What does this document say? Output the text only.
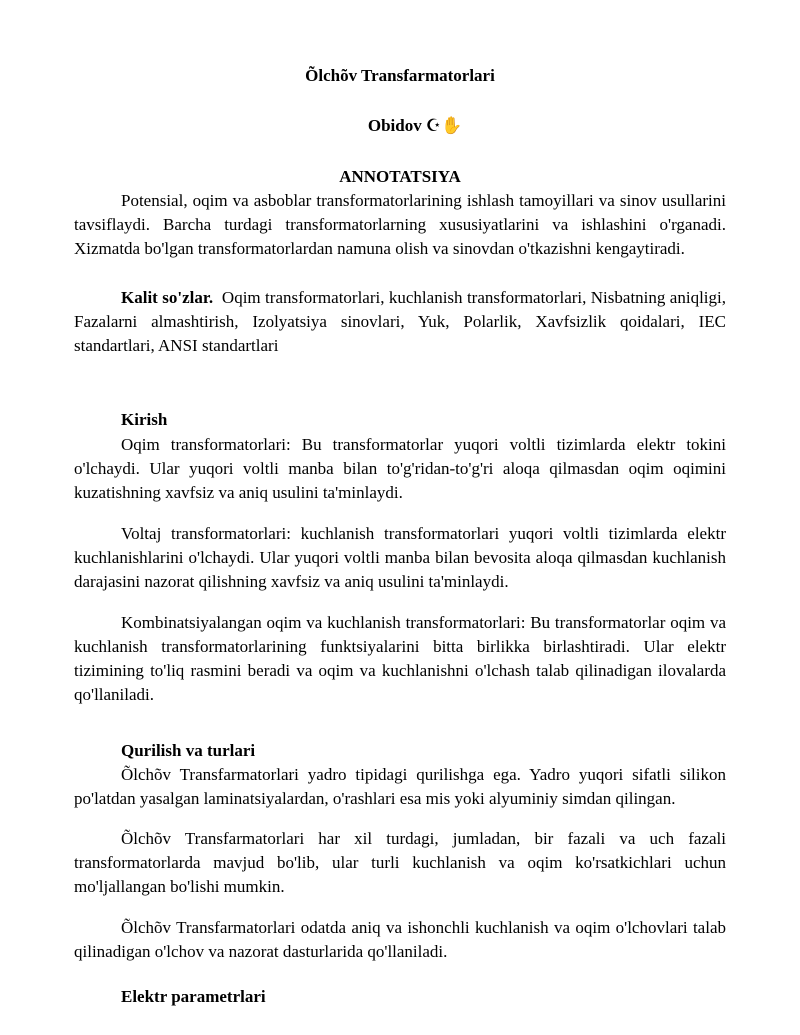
Õlchõv Transfarmatorlari
Obidov ☪✋
ANNOTATSIYA

Potensial, oqim va asboblar transformatorlarining ishlash tamoyillari va sinov usullarini tavsiflaydi. Barcha turdagi transformatorlarning xususiyatlarini va ishlashini o'rganadi. Xizmatda bo'lgan transformatorlardan namuna olish va sinovdan o'tkazishni kengaytiradi.

Kalit so'zlar. Oqim transformatorlari, kuchlanish transformatorlari, Nisbatning aniqligi, Fazalarni almashtirish, Izolyatsiya sinovlari, Yuk, Polarlik, Xavfsizlik qoidalari, IEC standartlari, ANSI standartlari

Kirish

Oqim transformatorlari: Bu transformatorlar yuqori voltli tizimlarda elektr tokini o'lchaydi. Ular yuqori voltli manba bilan to'g'ridan-to'g'ri aloqa qilmasdan oqim oqimini kuzatishning xavfsiz va aniq usulini ta'minlaydi.

Voltaj transformatorlari: kuchlanish transformatorlari yuqori voltli tizimlarda elektr kuchlanishlarini o'lchaydi. Ular yuqori voltli manba bilan bevosita aloqa qilmasdan kuchlanish darajasini nazorat qilishning xavfsiz va aniq usulini ta'minlaydi.

Kombinatsiyalangan oqim va kuchlanish transformatorlari: Bu transformatorlar oqim va kuchlanish transformatorlarining funktsiyalarini bitta birlikka birlashtiradi. Ular elektr tizimining to'liq rasmini beradi va oqim va kuchlanishni o'lchash talab qilinadigan ilovalarda qo'llaniladi.

Qurilish va turlari

Õlchõv Transfarmatorlari yadro tipidagi qurilishga ega. Yadro yuqori sifatli silikon po'latdan yasalgan laminatsiyalardan, o'rashlari esa mis yoki alyuminiy simdan qilingan.

Õlchõv Transfarmatorlari har xil turdagi, jumladan, bir fazali va uch fazali transformatorlarda mavjud bo'lib, ular turli kuchlanish va oqim ko'rsatkichlari uchun mo'ljallangan bo'lishi mumkin.

Õlchõv Transfarmatorlari odatda aniq va ishonchli kuchlanish va oqim o'lchovlari talab qilinadigan o'lchov va nazorat dasturlarida qo'llaniladi.

Elektr parametrlari
